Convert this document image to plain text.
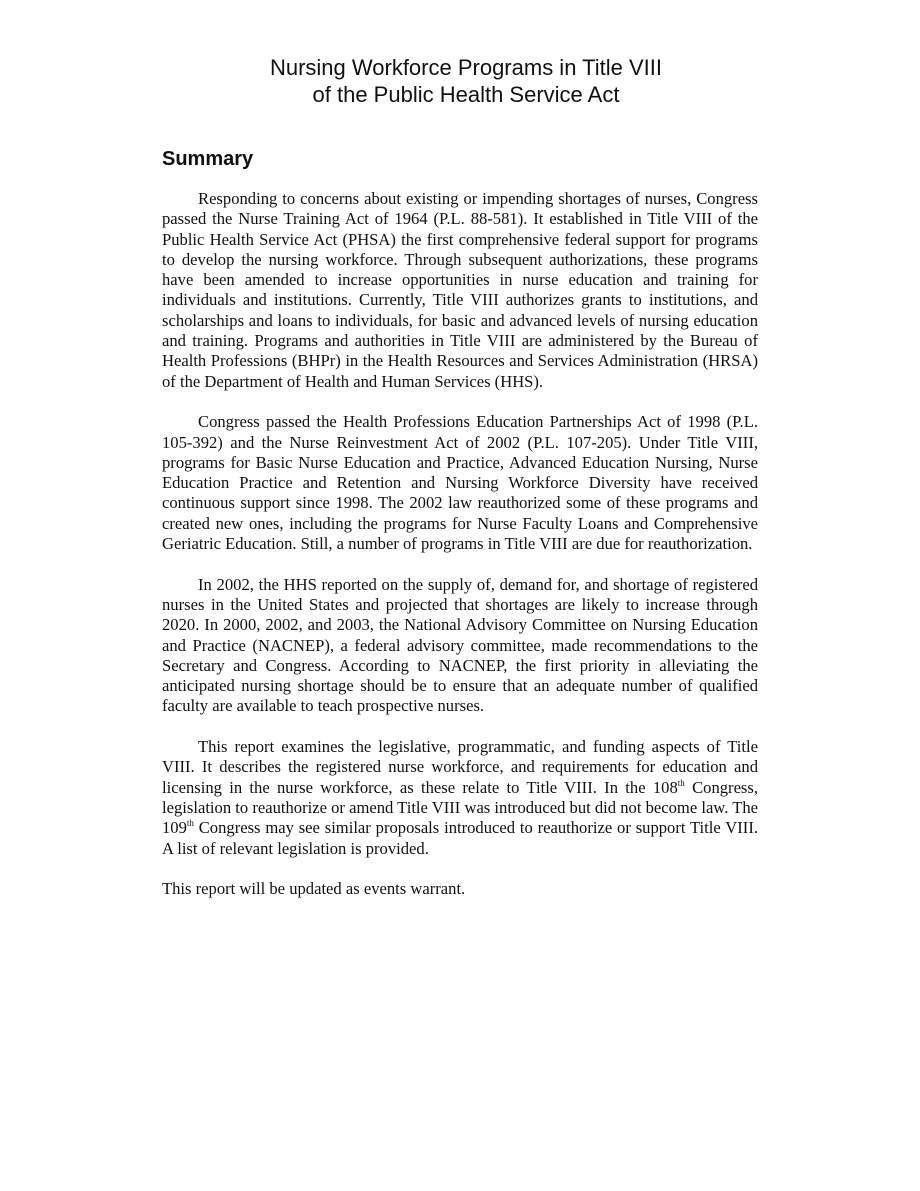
Nursing Workforce Programs in Title VIII
of the Public Health Service Act
Summary

Responding to concerns about existing or impending shortages of nurses, Congress passed the Nurse Training Act of 1964 (P.L. 88-581). It established in Title VIII of the Public Health Service Act (PHSA) the first comprehensive federal support for programs to develop the nursing workforce. Through subsequent authorizations, these programs have been amended to increase opportunities in nurse education and training for individuals and institutions. Currently, Title VIII authorizes grants to institutions, and scholarships and loans to individuals, for basic and advanced levels of nursing education and training. Programs and authorities in Title VIII are administered by the Bureau of Health Professions (BHPr) in the Health Resources and Services Administration (HRSA) of the Department of Health and Human Services (HHS).

Congress passed the Health Professions Education Partnerships Act of 1998 (P.L. 105-392) and the Nurse Reinvestment Act of 2002 (P.L. 107-205). Under Title VIII, programs for Basic Nurse Education and Practice, Advanced Education Nursing, Nurse Education Practice and Retention and Nursing Workforce Diversity have received continuous support since 1998. The 2002 law reauthorized some of these programs and created new ones, including the programs for Nurse Faculty Loans and Comprehensive Geriatric Education. Still, a number of programs in Title VIII are due for reauthorization.

In 2002, the HHS reported on the supply of, demand for, and shortage of registered nurses in the United States and projected that shortages are likely to increase through 2020. In 2000, 2002, and 2003, the National Advisory Committee on Nursing Education and Practice (NACNEP), a federal advisory committee, made recommendations to the Secretary and Congress. According to NACNEP, the first priority in alleviating the anticipated nursing shortage should be to ensure that an adequate number of qualified faculty are available to teach prospective nurses.

This report examines the legislative, programmatic, and funding aspects of Title VIII. It describes the registered nurse workforce, and requirements for education and licensing in the nurse workforce, as these relate to Title VIII. In the 108th Congress, legislation to reauthorize or amend Title VIII was introduced but did not become law. The 109th Congress may see similar proposals introduced to reauthorize or support Title VIII. A list of relevant legislation is provided.

This report will be updated as events warrant.
